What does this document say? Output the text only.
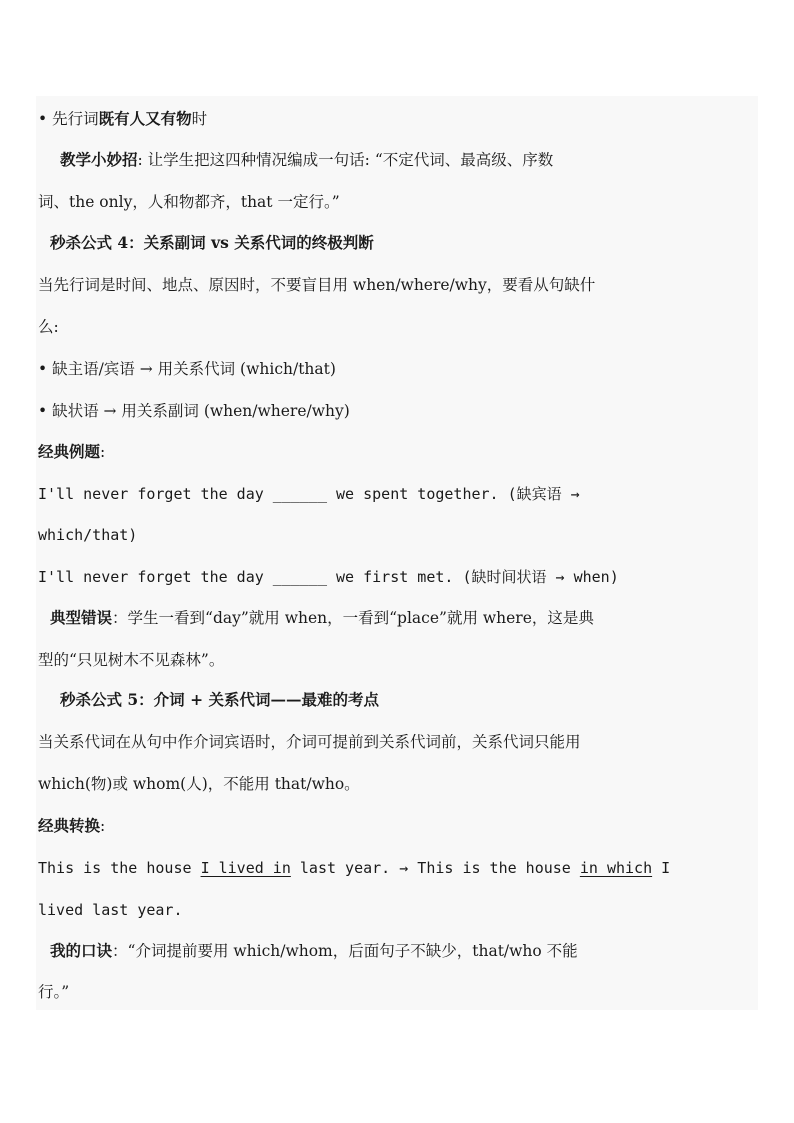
• 先行词既有人又有物时
教学小妙招: 让学生把这四种情况编成一句话: “不定代词、最高级、序数
词、the only，人和物都齐，that 一定行。”
秒杀公式 4：关系副词 vs 关系代词的终极判断
当先行词是时间、地点、原因时，不要盲目用 when/where/why，要看从句缺什
么:
• 缺主语/宾语 → 用关系代词 (which/that)
• 缺状语 → 用关系副词 (when/where/why)
经典例题:
I'll never forget the day ______ we spent together. (缺宾语 →
which/that)
I'll never forget the day ______ we first met. (缺时间状语 → when)
典型错误：学生一看到“day”就用 when，一看到“place”就用 where，这是典
型的“只见树木不见森林”。
秒杀公式 5：介词 + 关系代词——最难的考点
当关系代词在从句中作介词宾语时，介词可提前到关系代词前，关系代词只能用
which(物)或 whom(人)，不能用 that/who。
经典转换:
This is the house I lived in last year. → This is the house in which I
lived last year.
我的口诀：“介词提前要用 which/whom，后面句子不缺少，that/who 不能
行。”
